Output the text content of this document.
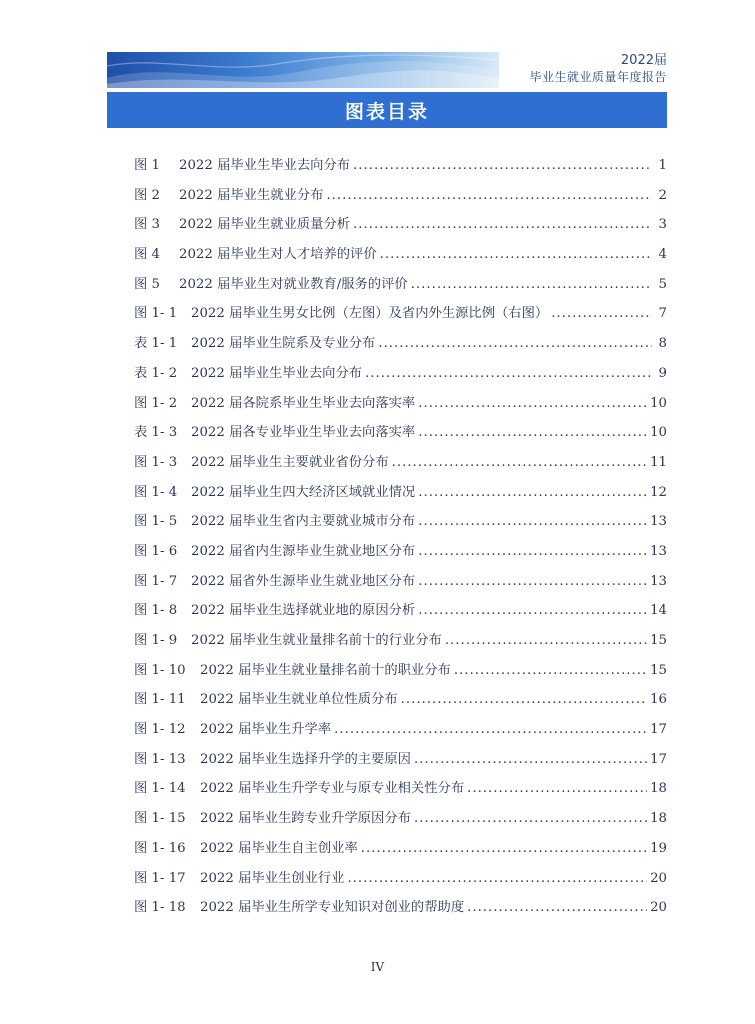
2022届
毕业生就业质量年度报告
图表目录
图 1	2022 届毕业生毕业去向分布 .....	1
图 2	2022 届毕业生就业分布 .....	2
图 3	2022 届毕业生就业质量分析 .....	3
图 4	2022 届毕业生对人才培养的评价 .....	4
图 5	2022 届毕业生对就业教育/服务的评价 .....	5
图 1- 1	2022 届毕业生男女比例（左图）及省内外生源比例（右图） .....	7
表 1- 1	2022 届毕业生院系及专业分布 .....	8
表 1- 2	2022 届毕业生毕业去向分布 .....	9
图 1- 2	2022 届各院系毕业生毕业去向落实率 .....	10
表 1- 3	2022 届各专业毕业生毕业去向落实率 .....	10
图 1- 3	2022 届毕业生主要就业省份分布 .....	11
图 1- 4	2022 届毕业生四大经济区域就业情况 .....	12
图 1- 5	2022 届毕业生省内主要就业城市分布 .....	13
图 1- 6	2022 届省内生源毕业生就业地区分布 .....	13
图 1- 7	2022 届省外生源毕业生就业地区分布 .....	13
图 1- 8	2022 届毕业生选择就业地的原因分析 .....	14
图 1- 9	2022 届毕业生就业量排名前十的行业分布 .....	15
图 1- 10	2022 届毕业生就业量排名前十的职业分布 .....	15
图 1- 11	2022 届毕业生就业单位性质分布 .....	16
图 1- 12	2022 届毕业生升学率 .....	17
图 1- 13	2022 届毕业生选择升学的主要原因 .....	17
图 1- 14	2022 届毕业生升学专业与原专业相关性分布 .....	18
图 1- 15	2022 届毕业生跨专业升学原因分布 .....	18
图 1- 16	2022 届毕业生自主创业率 .....	19
图 1- 17	2022 届毕业生创业行业 .....	20
图 1- 18	2022 届毕业生所学专业知识对创业的帮助度 .....	20
IV
